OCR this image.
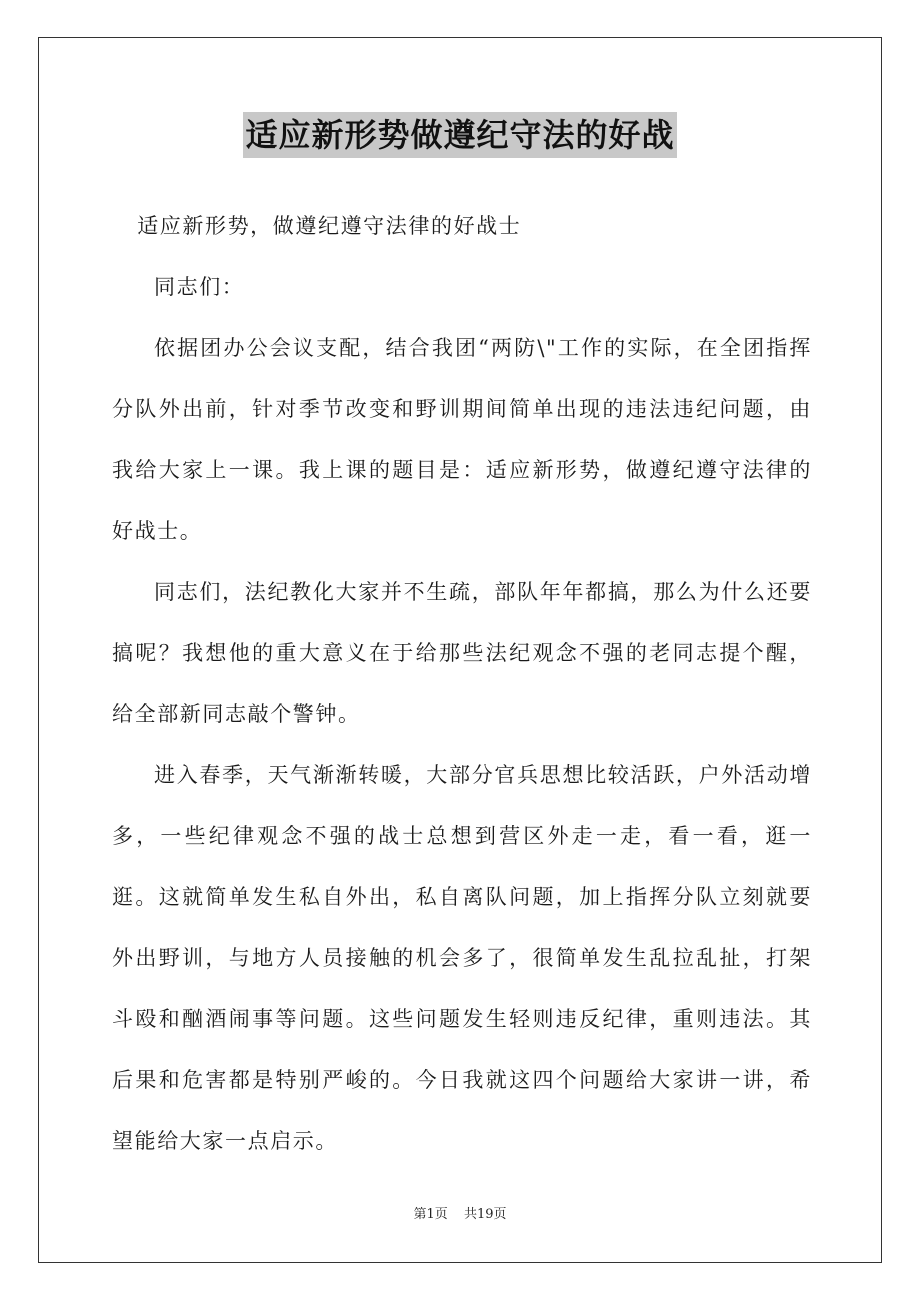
适应新形势做遵纪守法的好战

适应新形势，做遵纪遵守法律的好战士

同志们：

依据团办公会议支配，结合我团“两防\"工作的实际，在全团指挥分队外出前，针对季节改变和野训期间简单出现的违法违纪问题，由我给大家上一课。我上课的题目是：适应新形势，做遵纪遵守法律的好战士。

同志们，法纪教化大家并不生疏，部队年年都搞，那么为什么还要搞呢？我想他的重大意义在于给那些法纪观念不强的老同志提个醒，给全部新同志敲个警钟。

进入春季，天气渐渐转暖，大部分官兵思想比较活跃，户外活动增多，一些纪律观念不强的战士总想到营区外走一走，看一看，逛一逛。这就简单发生私自外出，私自离队问题，加上指挥分队立刻就要外出野训，与地方人员接触的机会多了，很简单发生乱拉乱扯，打架斗殴和酗酒闹事等问题。这些问题发生轻则违反纪律，重则违法。其后果和危害都是特别严峻的。今日我就这四个问题给大家讲一讲，希望能给大家一点启示。

第1页 共19页
